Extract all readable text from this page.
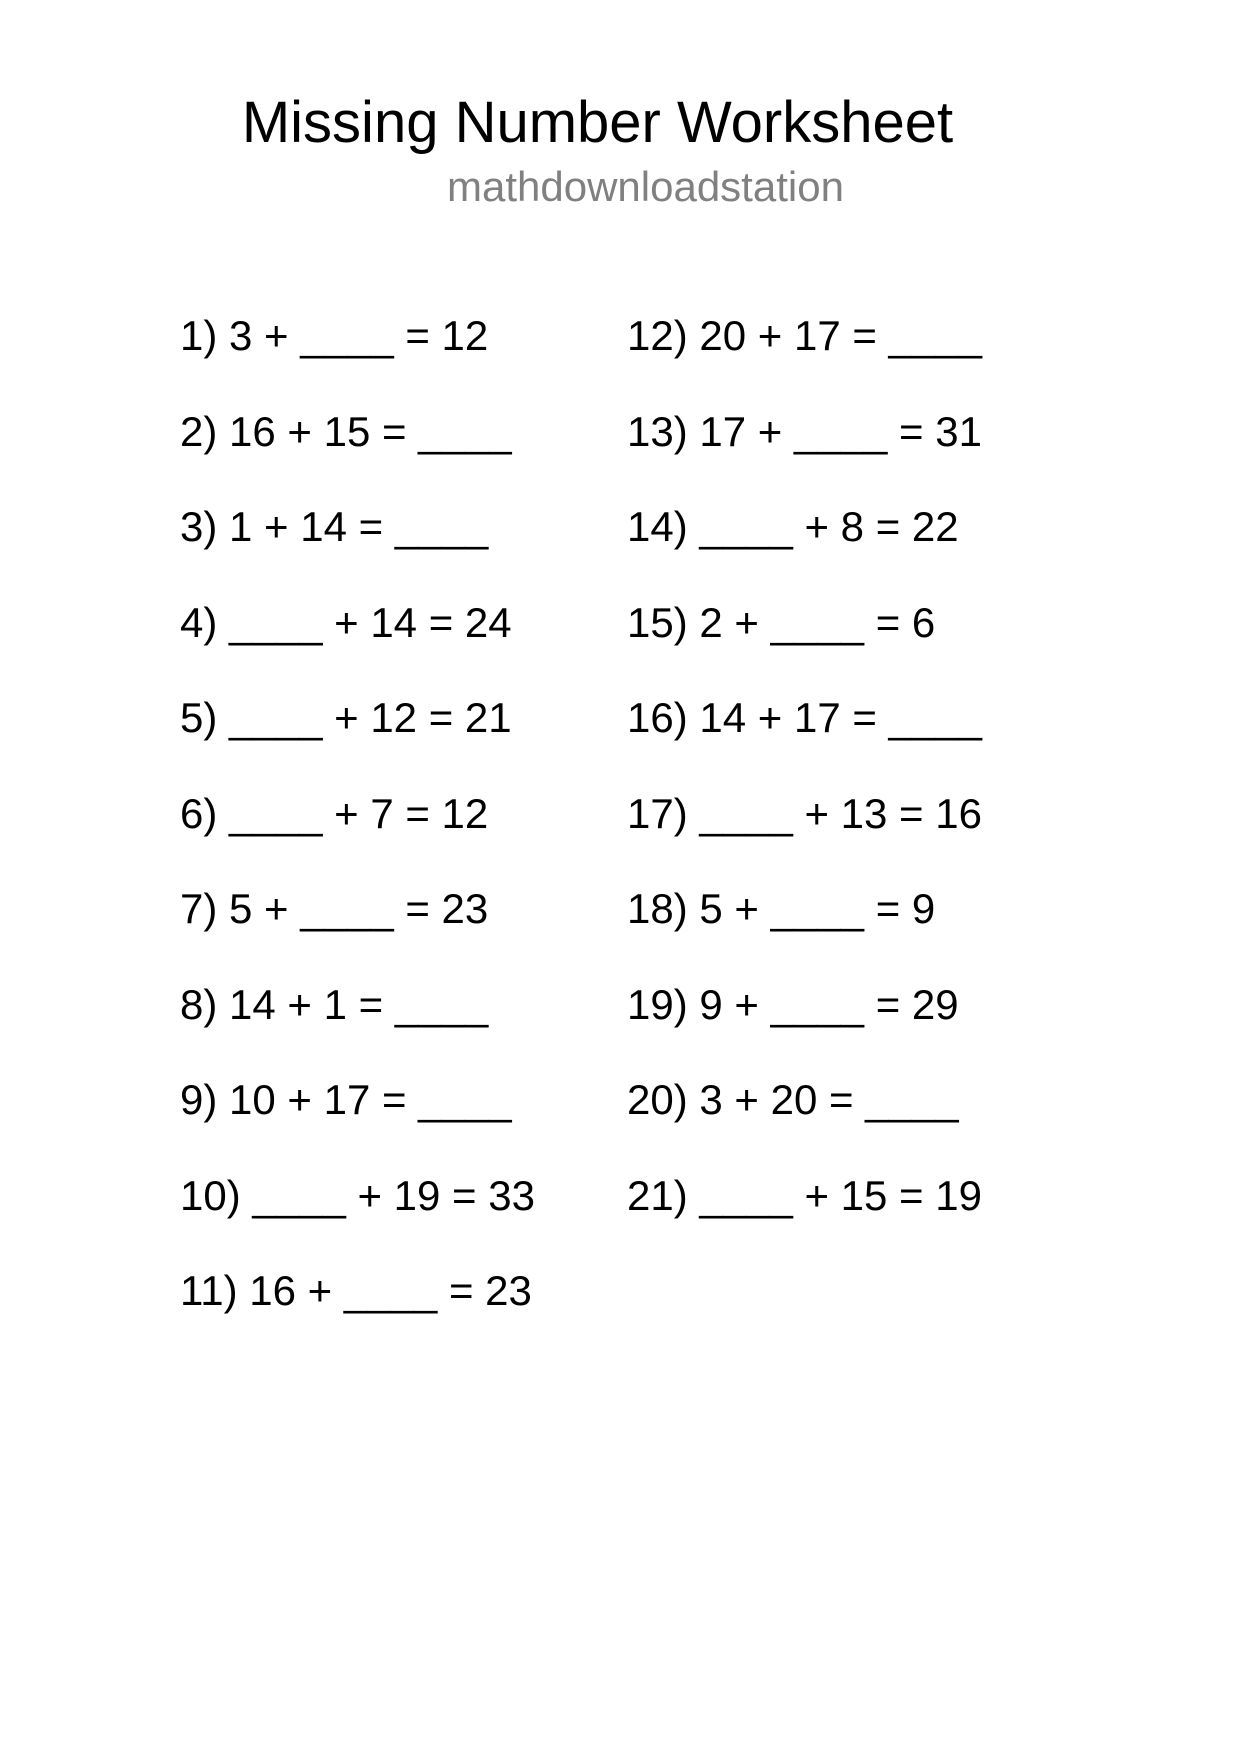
Missing Number Worksheet
mathdownloadstation
1) 3 + ____ = 12
2) 16 + 15 = ____
3) 1 + 14 = ____
4) ____ + 14 = 24
5) ____ + 12 = 21
6) ____ + 7 = 12
7) 5 + ____ = 23
8) 14 + 1 = ____
9) 10 + 17 = ____
10) ____ + 19 = 33
11) 16 + ____ = 23
12) 20 + 17 = ____
13) 17 + ____ = 31
14) ____ + 8 = 22
15) 2 + ____ = 6
16) 14 + 17 = ____
17) ____ + 13 = 16
18) 5 + ____ = 9
19) 9 + ____ = 29
20) 3 + 20 = ____
21) ____ + 15 = 19
